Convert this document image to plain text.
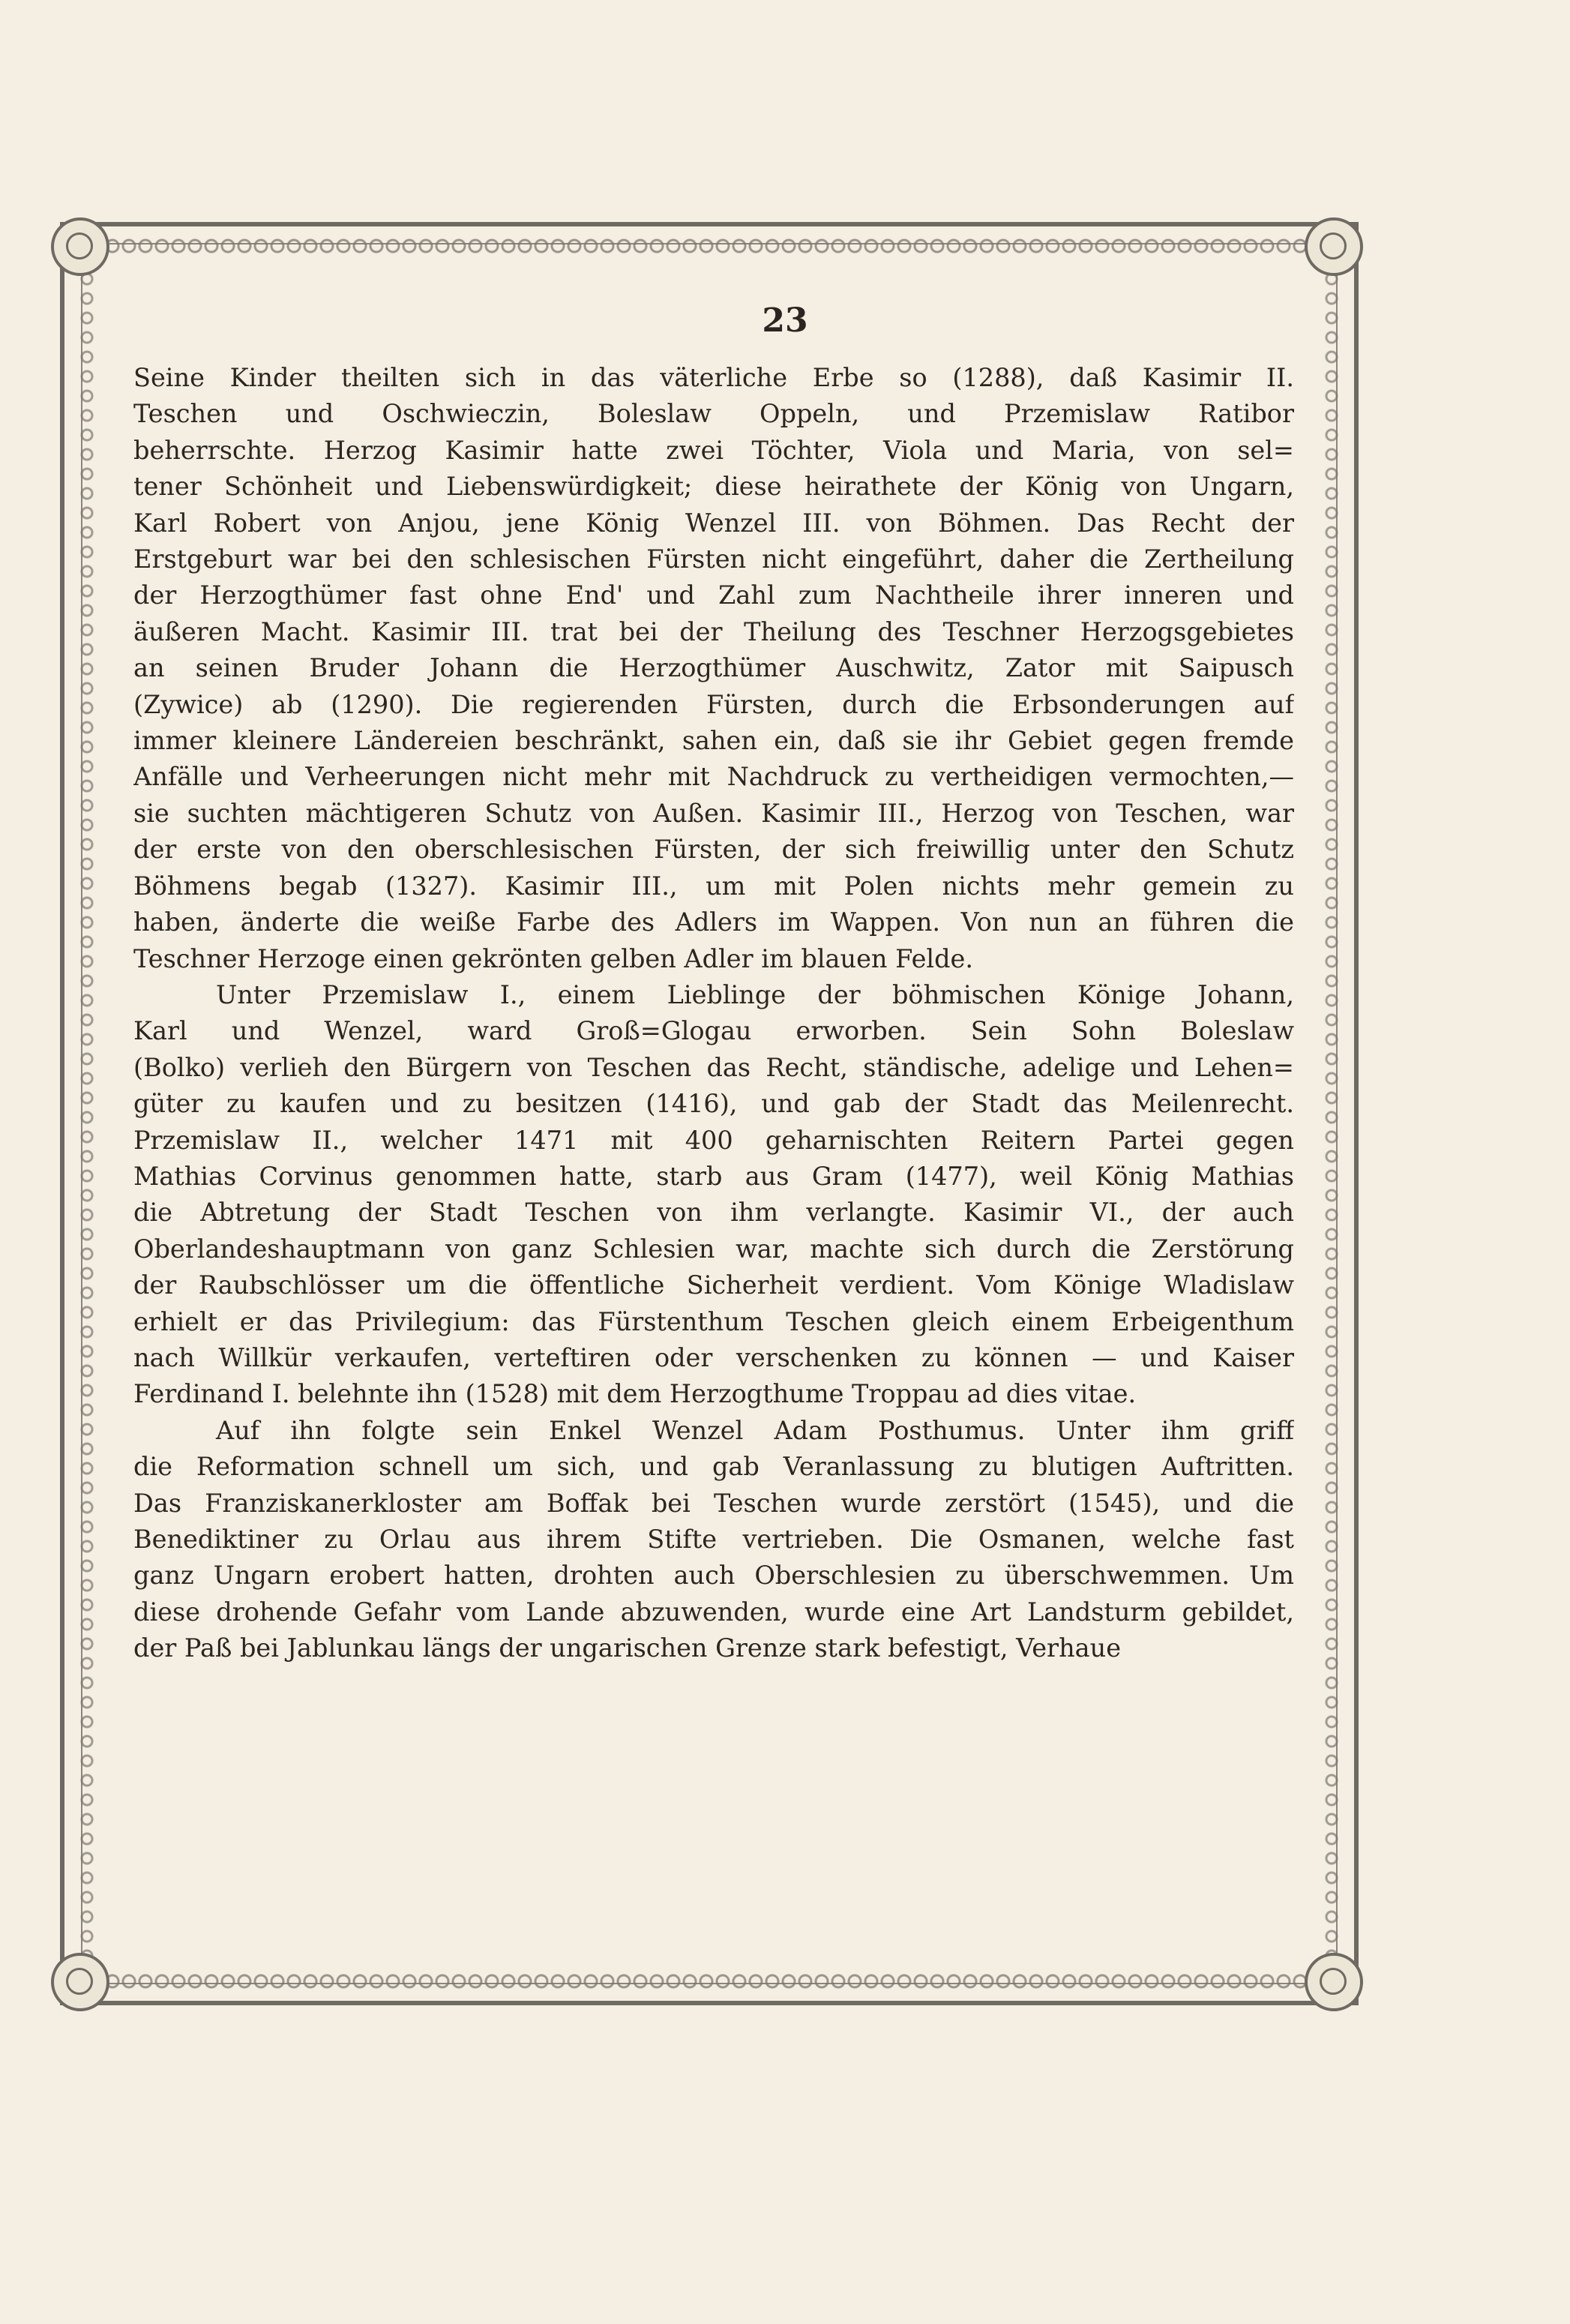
23
Seine Kinder theilten sich in das väterliche Erbe so (1288), daß Kasimir II.
Teschen und Oschwieczin, Boleslaw Oppeln, und Przemislaw Ratibor
beherrschte. Herzog Kasimir hatte zwei Töchter, Viola und Maria, von sel=
tener Schönheit und Liebenswürdigkeit; diese heirathete der König von Ungarn,
Karl Robert von Anjou, jene König Wenzel III. von Böhmen. Das Recht der
Erstgeburt war bei den schlesischen Fürsten nicht eingeführt, daher die Zertheilung
der Herzogthümer fast ohne End' und Zahl zum Nachtheile ihrer inneren und
äußeren Macht. Kasimir III. trat bei der Theilung des Teschner Herzogsgebietes
an seinen Bruder Johann die Herzogthümer Auschwitz, Zator mit Saipusch
(Zywice) ab (1290). Die regierenden Fürsten, durch die Erbsonderungen auf
immer kleinere Ländereien beschränkt, sahen ein, daß sie ihr Gebiet gegen fremde
Anfälle und Verheerungen nicht mehr mit Nachdruck zu vertheidigen vermochten,—
sie suchten mächtigeren Schutz von Außen. Kasimir III., Herzog von Teschen, war
der erste von den oberschlesischen Fürsten, der sich freiwillig unter den Schutz
Böhmens begab (1327). Kasimir III., um mit Polen nichts mehr gemein zu
haben, änderte die weiße Farbe des Adlers im Wappen. Von nun an führen die
Teschner Herzoge einen gekrönten gelben Adler im blauen Felde.
Unter Przemislaw I., einem Lieblinge der böhmischen Könige Johann,
Karl und Wenzel, ward Groß=Glogau erworben. Sein Sohn Boleslaw
(Bolko) verlieh den Bürgern von Teschen das Recht, ständische, adelige und Lehen=
güter zu kaufen und zu besitzen (1416), und gab der Stadt das Meilenrecht.
Przemislaw II., welcher 1471 mit 400 geharnischten Reitern Partei gegen
Mathias Corvinus genommen hatte, starb aus Gram (1477), weil König Mathias
die Abtretung der Stadt Teschen von ihm verlangte. Kasimir VI., der auch
Oberlandeshauptmann von ganz Schlesien war, machte sich durch die Zerstörung
der Raubschlösser um die öffentliche Sicherheit verdient. Vom Könige Wladislaw
erhielt er das Privilegium: das Fürstenthum Teschen gleich einem Erbeigenthum
nach Willkür verkaufen, verteftiren oder verschenken zu können — und Kaiser
Ferdinand I. belehnte ihn (1528) mit dem Herzogthume Troppau ad dies vitae.
Auf ihn folgte sein Enkel Wenzel Adam Posthumus. Unter ihm griff
die Reformation schnell um sich, und gab Veranlassung zu blutigen Auftritten.
Das Franziskanerkloster am Boffak bei Teschen wurde zerstört (1545), und die
Benediktiner zu Orlau aus ihrem Stifte vertrieben. Die Osmanen, welche fast
ganz Ungarn erobert hatten, drohten auch Oberschlesien zu überschwemmen. Um
diese drohende Gefahr vom Lande abzuwenden, wurde eine Art Landsturm gebildet,
der Paß bei Jablunkau längs der ungarischen Grenze stark befestigt, Verhaue
